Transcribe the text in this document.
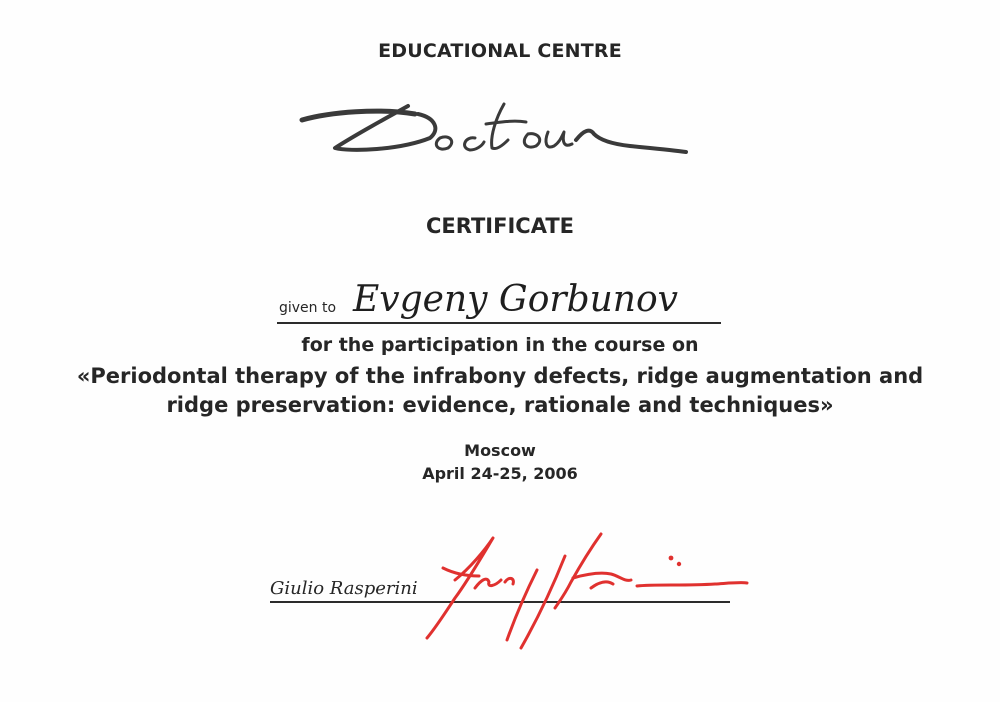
EDUCATIONAL CENTRE
CERTIFICATE
given to Evgeny Gorbunov
for the participation in the course on
«Periodontal therapy of the infrabony defects, ridge augmentation and
ridge preservation: evidence, rationale and techniques»
Moscow
April 24-25, 2006
Giulio Rasperini
